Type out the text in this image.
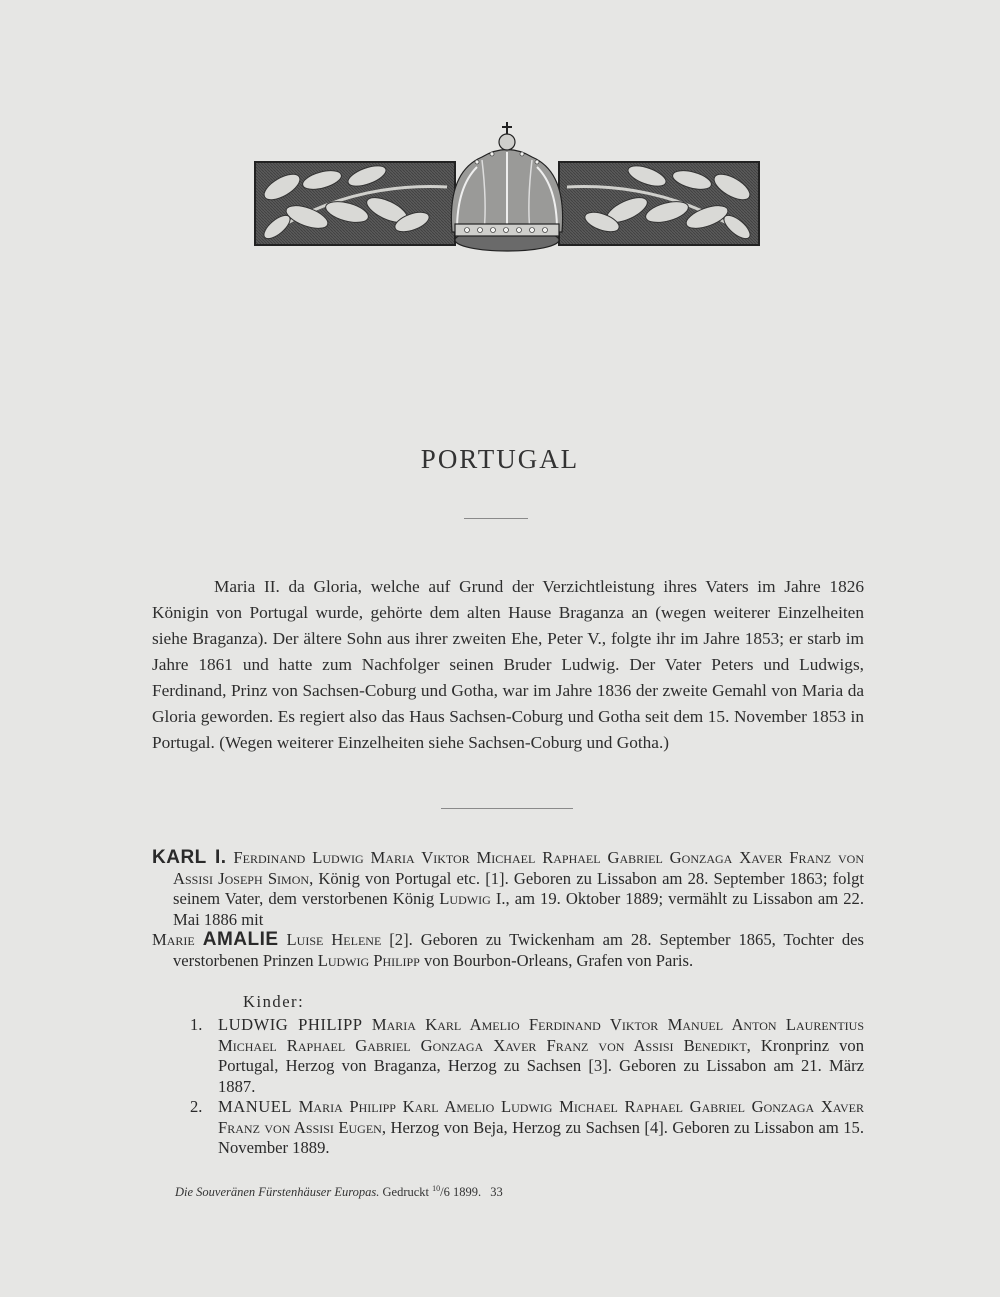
PORTUGAL

Maria II. da Gloria, welche auf Grund der Verzichtleistung ihres Vaters im Jahre 1826 Königin von Portugal wurde, gehörte dem alten Hause Braganza an (wegen weiterer Einzelheiten siehe Braganza). Der ältere Sohn aus ihrer zweiten Ehe, Peter V., folgte ihr im Jahre 1853; er starb im Jahre 1861 und hatte zum Nachfolger seinen Bruder Ludwig. Der Vater Peters und Ludwigs, Ferdinand, Prinz von Sachsen-Coburg und Gotha, war im Jahre 1836 der zweite Gemahl von Maria da Gloria geworden. Es regiert also das Haus Sachsen-Coburg und Gotha seit dem 15. November 1853 in Portugal. (Wegen weiterer Einzelheiten siehe Sachsen-Coburg und Gotha.)

KARL I. Ferdinand Ludwig Maria Viktor Michael Raphael Gabriel Gonzaga Xaver Franz von Assisi Joseph Simon, König von Portugal etc. [1]. Geboren zu Lissabon am 28. September 1863; folgt seinem Vater, dem verstorbenen König Ludwig I., am 19. Oktober 1889; vermählt zu Lissabon am 22. Mai 1886 mit

Marie AMALIE Luise Helene [2]. Geboren zu Twickenham am 28. September 1865, Tochter des verstorbenen Prinzen Ludwig Philipp von Bourbon-Orleans, Grafen von Paris.

Kinder:
1. LUDWIG PHILIPP Maria Karl Amelio Ferdinand Viktor Manuel Anton Laurentius Michael Raphael Gabriel Gonzaga Xaver Franz von Assisi Benedikt, Kronprinz von Portugal, Herzog von Braganza, Herzog zu Sachsen [3]. Geboren zu Lissabon am 21. März 1887.
2. MANUEL Maria Philipp Karl Amelio Ludwig Michael Raphael Gabriel Gonzaga Xaver Franz von Assisi Eugen, Herzog von Beja, Herzog zu Sachsen [4]. Geboren zu Lissabon am 15. November 1889.
Die Souveränen Fürstenhäuser Europas. Gedruckt $^{10}$/6 1899. 33
